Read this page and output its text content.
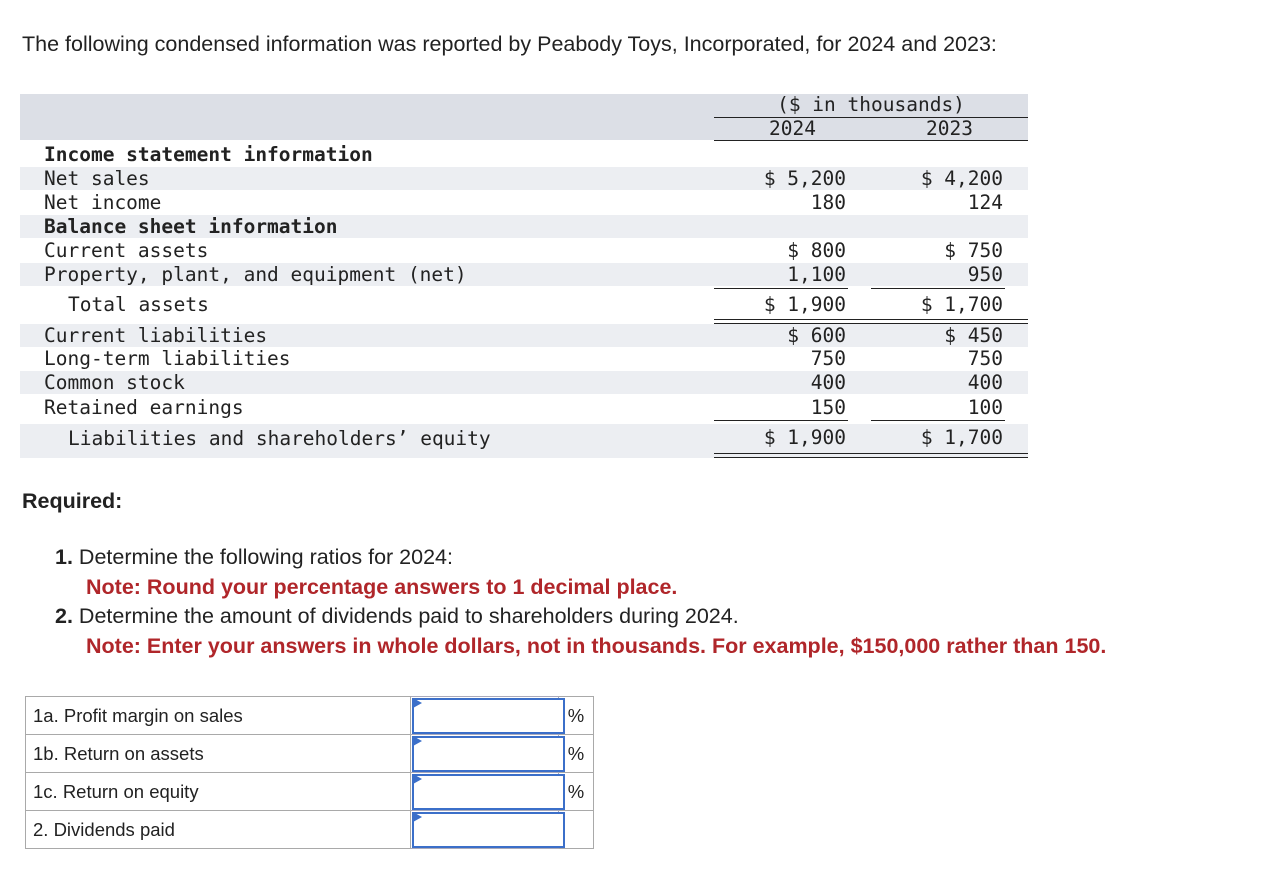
The following condensed information was reported by Peabody Toys, Incorporated, for 2024 and 2023:
($ in thousands)
2024	2023
Income statement information
Net sales	$ 5,200	$ 4,200
Net income	180	124
Balance sheet information
Current assets	$ 800	$ 750
Property, plant, and equipment (net)	1,100	950
Total assets	$ 1,900	$ 1,700
Current liabilities	$ 600	$ 450
Long-term liabilities	750	750
Common stock	400	400
Retained earnings	150	100
Liabilities and shareholders’ equity	$ 1,900	$ 1,700
Required:
1. Determine the following ratios for 2024:
Note: Round your percentage answers to 1 decimal place.
2. Determine the amount of dividends paid to shareholders during 2024.
Note: Enter your answers in whole dollars, not in thousands. For example, $150,000 rather than 150.
1a. Profit margin on sales		%
1b. Return on assets		%
1c. Return on equity		%
2. Dividends paid	
